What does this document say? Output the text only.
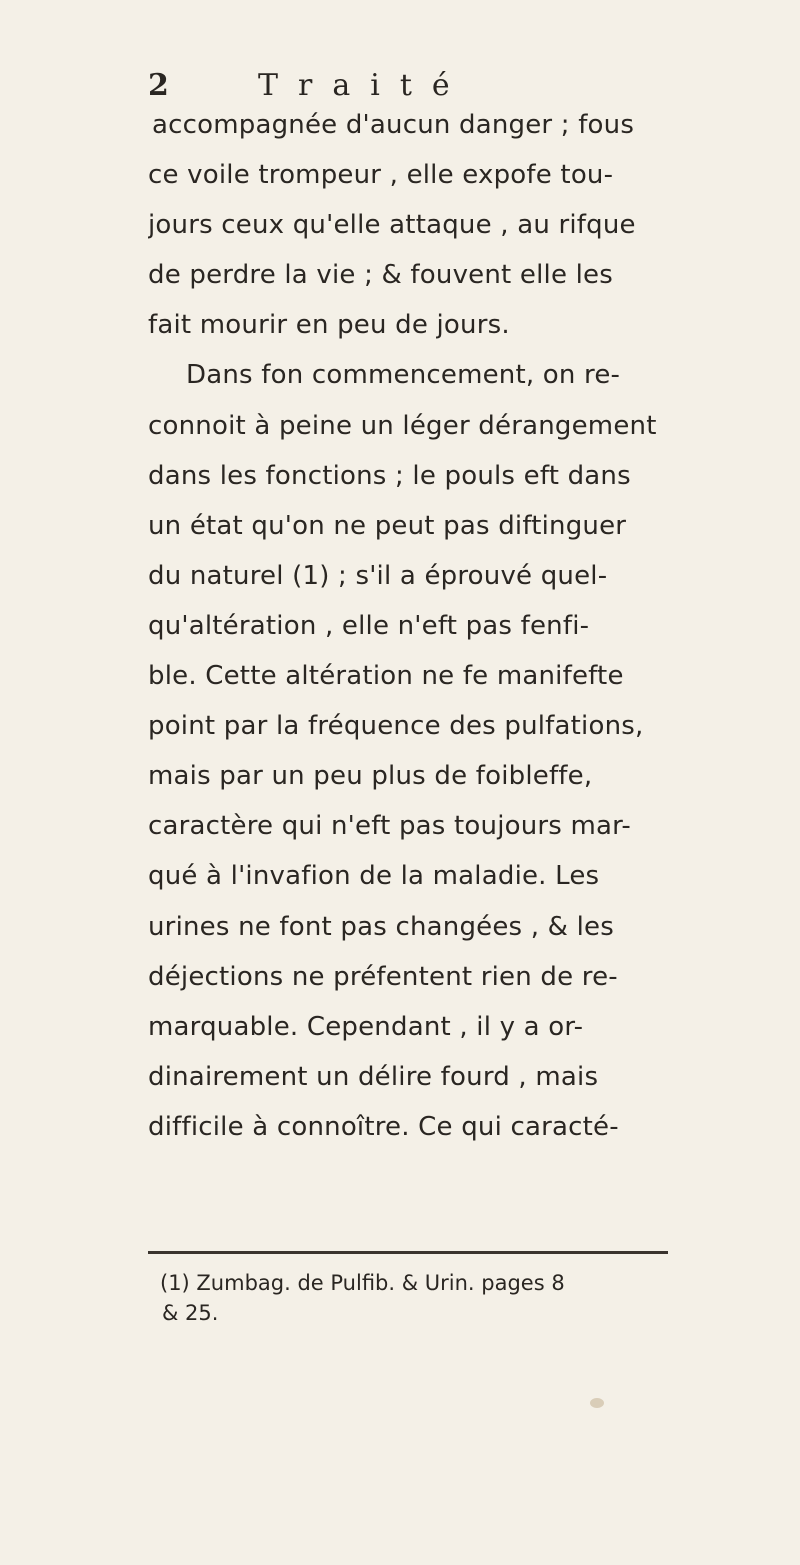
2	Traité
accompagnée d'aucun danger ; fous
ce voile trompeur , elle expofe tou-
jours ceux qu'elle attaque , au rifque
de perdre la vie ; & fouvent elle les
fait mourir en peu de jours.
Dans fon commencement, on re-
connoit à peine un léger dérangement
dans les fonctions ; le pouls eft dans
un état qu'on ne peut pas diftinguer
du naturel (1) ; s'il a éprouvé quel-
qu'altération , elle n'eft pas fenfi-
ble. Cette altération ne fe manifefte
point par la fréquence des pulfations,
mais par un peu plus de foibleffe,
caractère qui n'eft pas toujours mar-
qué à l'invafion de la maladie. Les
urines ne font pas changées , & les
déjections ne préfentent rien de re-
marquable. Cependant , il y a or-
dinairement un délire fourd , mais
difficile à connoître. Ce qui caracté-
(1) Zumbag. de Pulfib. & Urin. pages 8
& 25.
